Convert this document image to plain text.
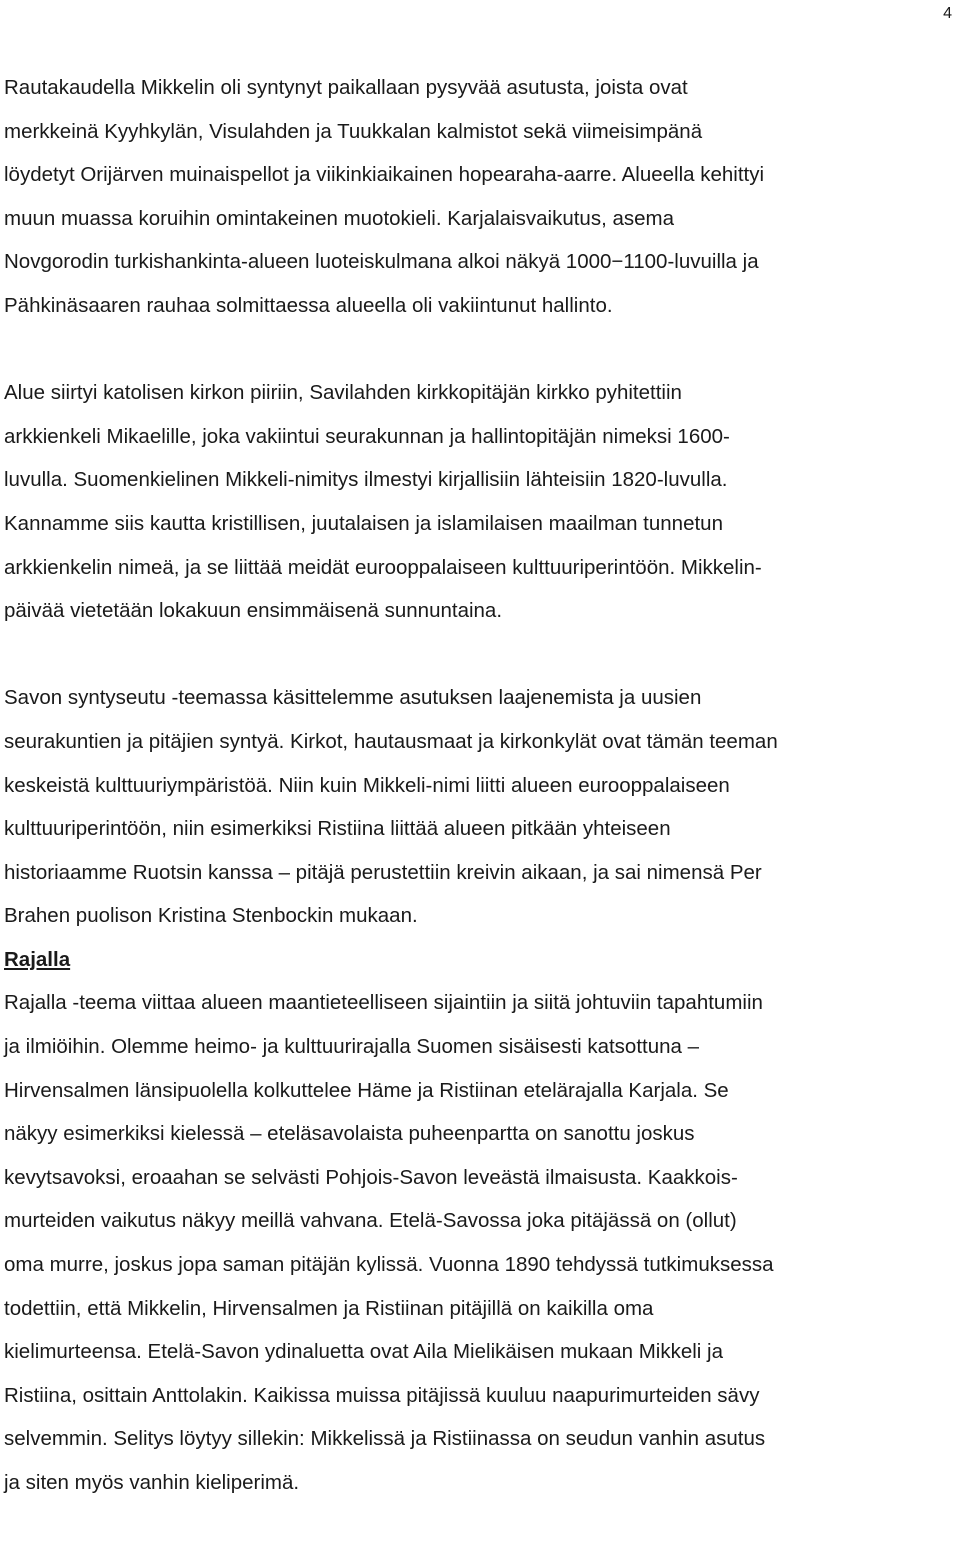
4

Rautakaudella Mikkelin oli syntynyt paikallaan pysyvää asutusta, joista ovat
merkkeinä Kyyhkylän, Visulahden ja Tuukkalan kalmistot sekä viimeisimpänä
löydetyt Orijärven muinaispellot ja viikinkiaikainen hopearaha-aarre. Alueella kehittyi
muun muassa koruihin omintakeinen muotokieli. Karjalaisvaikutus, asema
Novgorodin turkishankinta-alueen luoteiskulmana alkoi näkyä 1000−1100-luvuilla ja
Pähkinäsaaren rauhaa solmittaessa alueella oli vakiintunut hallinto.

Alue siirtyi katolisen kirkon piiriin, Savilahden kirkkopitäjän kirkko pyhitettiin
arkkienkeli Mikaelille, joka vakiintui seurakunnan ja hallintopitäjän nimeksi 1600-
luvulla. Suomenkielinen Mikkeli-nimitys ilmestyi kirjallisiin lähteisiin 1820-luvulla.
Kannamme siis kautta kristillisen, juutalaisen ja islamilaisen maailman tunnetun
arkkienkelin nimeä, ja se liittää meidät eurooppalaiseen kulttuuriperintöön. Mikkelin-
päivää vietetään lokakuun ensimmäisenä sunnuntaina.

Savon syntyseutu -teemassa käsittelemme asutuksen laajenemista ja uusien
seurakuntien ja pitäjien syntyä. Kirkot, hautausmaat ja kirkonkylät ovat tämän teeman
keskeistä kulttuuriympäristöä. Niin kuin Mikkeli-nimi liitti alueen eurooppalaiseen
kulttuuriperintöön, niin esimerkiksi Ristiina liittää alueen pitkään yhteiseen
historiaamme Ruotsin kanssa – pitäjä perustettiin kreivin aikaan, ja sai nimensä Per
Brahen puolison Kristina Stenbockin mukaan.

Rajalla

Rajalla -teema viittaa alueen maantieteelliseen sijaintiin ja siitä johtuviin tapahtumiin
ja ilmiöihin. Olemme heimo- ja kulttuurirajalla Suomen sisäisesti katsottuna –
Hirvensalmen länsipuolella kolkuttelee Häme ja Ristiinan etelärajalla Karjala. Se
näkyy esimerkiksi kielessä – eteläsavolaista puheenpartta on sanottu joskus
kevytsavoksi, eroaahan se selvästi Pohjois-Savon leveästä ilmaisusta. Kaakkois-
murteiden vaikutus näkyy meillä vahvana. Etelä-Savossa joka pitäjässä on (ollut)
oma murre, joskus jopa saman pitäjän kylissä. Vuonna 1890 tehdyssä tutkimuksessa
todettiin, että Mikkelin, Hirvensalmen ja Ristiinan pitäjillä on kaikilla oma
kielimurteensa. Etelä-Savon ydinaluetta ovat Aila Mielikäisen mukaan Mikkeli ja
Ristiina, osittain Anttolakin. Kaikissa muissa pitäjissä kuuluu naapurimurteiden sävy
selvemmin. Selitys löytyy sillekin: Mikkelissä ja Ristiinassa on seudun vanhin asutus
ja siten myös vanhin kieliperimä.
